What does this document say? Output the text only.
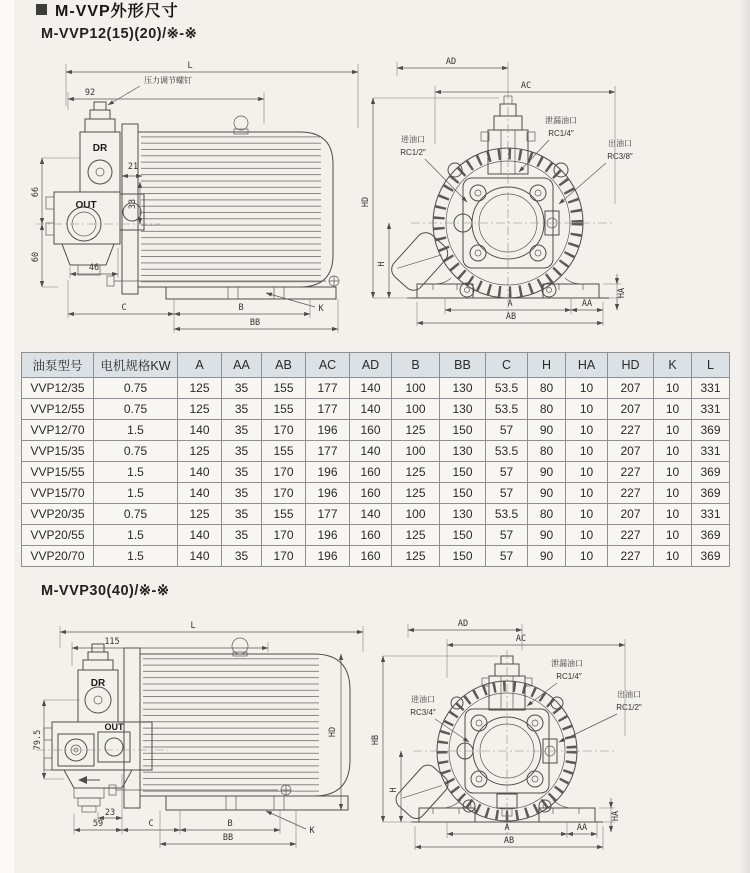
M-VVP外形尺寸
M-VVP12(15)(20)/※-※
DR
OUT
L
92
压力调节螺钉
21
66
60
46
33
C	B
BB
K
进油口
RC1/2″
泄漏油口
RC1/4″
出油口
RC3/8″
AD
AC
HD
H
HA
A	AA
AB
油泵型号	电机规格KW	A	AA	AB	AC	AD	B	BB	C	H	HA	HD	K	L
VVP12/35	0.75	125	35	155	177	140	100	130	53.5	80	10	207	10	331
VVP12/55	0.75	125	35	155	177	140	100	130	53.5	80	10	207	10	331
VVP12/70	1.5	140	35	170	196	160	125	150	57	90	10	227	10	369
VVP15/35	0.75	125	35	155	177	140	100	130	53.5	80	10	207	10	331
VVP15/55	1.5	140	35	170	196	160	125	150	57	90	10	227	10	369
VVP15/70	1.5	140	35	170	196	160	125	150	57	90	10	227	10	369
VVP20/35	0.75	125	35	155	177	140	100	130	53.5	80	10	207	10	331
VVP20/55	1.5	140	35	170	196	160	125	150	57	90	10	227	10	369
VVP20/70	1.5	140	35	170	196	160	125	150	57	90	10	227	10	369
M-VVP30(40)/※-※
DR
OUT
L
115
79.5	HD
23
59	C	B
BB
K
泄漏油口
RC1/4″
进油口
RC3/4″
出油口
RC1/2″
AD
AC
HB
H
HA
A	AA
AB
